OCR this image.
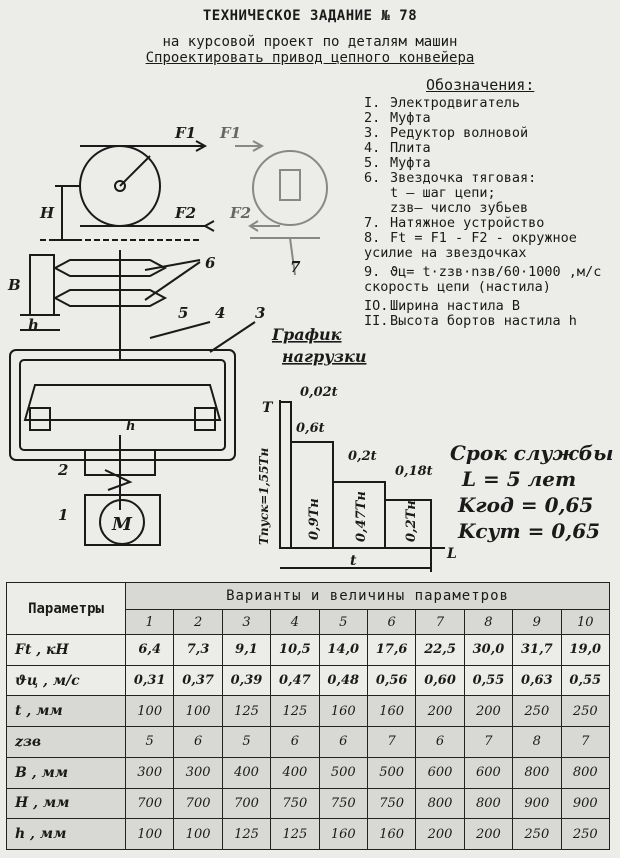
ТЕХНИЧЕСКОЕ ЗАДАНИЕ № 78
на курсовой проект по деталям машин
Спроектировать привод цепного конвейера
Обозначения:
I. Электродвигатель
2. Муфта
3. Редуктор волновой
4. Плита
5. Муфта
6. Звездочка тяговая:
t – шаг цепи;
zзв– число зубьев
7. Натяжное устройство
8. Ft = F1 - F2 - окружное усилие на звездочках
9. ϑц= t·zзв·nзв/60·1000 ,м/с скорость цепи (настила)
IO. Ширина настила B
II. Высота бортов настила h
F1 F1
F2 F2
H
B
h
h
1
2
3
4
5
6	7
M
График
нагрузки
T
Tпуск=1,55Tн
0,02t
0,6t
0,2t
0,18t
0,9Tн 0,47Tн	0,2Tн
t	L
Срок службы
L = 5 лет
Kгод = 0,65
Kсут = 0,65
Параметры	Варианты и величины параметров									
	1	2	3	4	5	6	7	8	9	10
Ft , кН	6,4	7,3	9,1	10,5	14,0	17,6	22,5	30,0	31,7	19,0
ϑц , м/с	0,31	0,37	0,39	0,47	0,48	0,56	0,60	0,55	0,63	0,55
t , мм	100	100	125	125	160	160	200	200	250	250
zзв	5	6	5	6	6	7	6	7	8	7
B , мм	300	300	400	400	500	500	600	600	800	800
H , мм	700	700	700	750	750	750	800	800	900	900
h , мм	100	100	125	125	160	160	200	200	250	250
